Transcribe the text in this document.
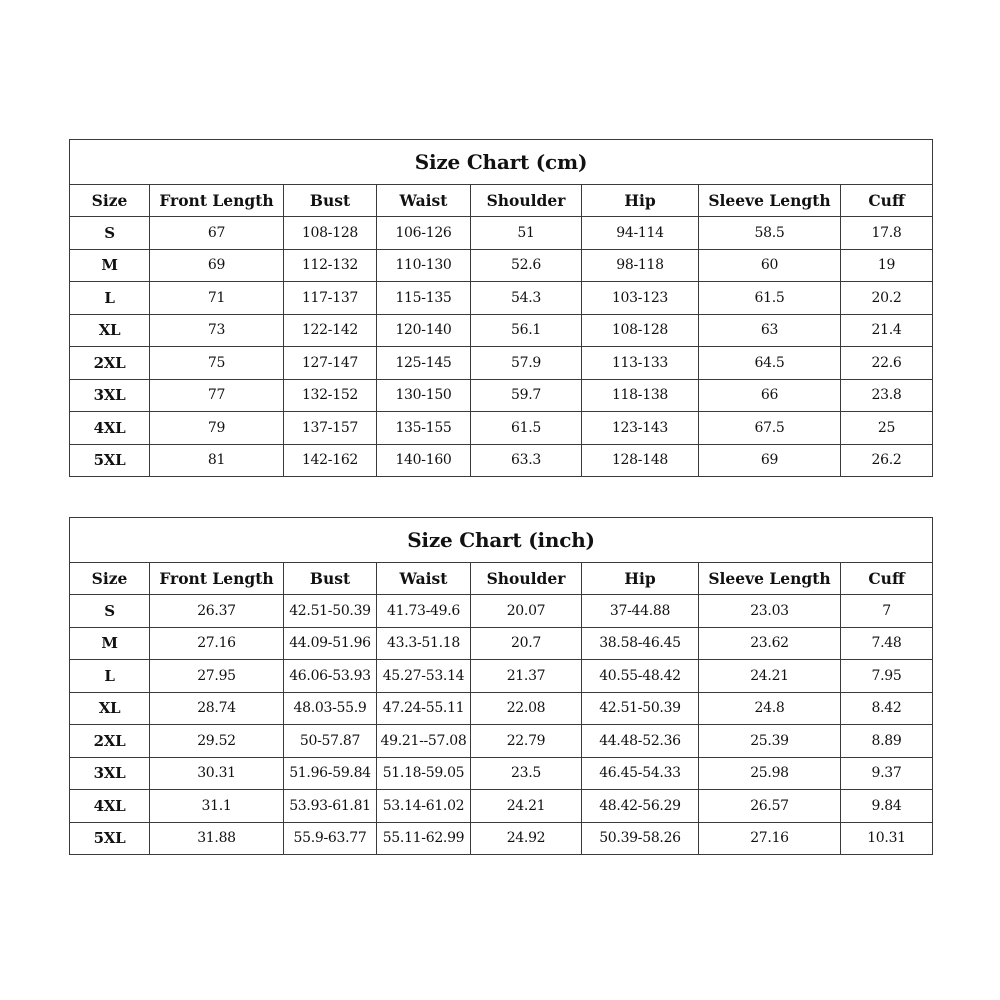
Size Chart (cm)							
Size	Front Length	Bust	Waist	Shoulder	Hip	Sleeve Length	Cuff
S	67	108-128	106-126	51	94-114	58.5	17.8
M	69	112-132	110-130	52.6	98-118	60	19
L	71	117-137	115-135	54.3	103-123	61.5	20.2
XL	73	122-142	120-140	56.1	108-128	63	21.4
2XL	75	127-147	125-145	57.9	113-133	64.5	22.6
3XL	77	132-152	130-150	59.7	118-138	66	23.8
4XL	79	137-157	135-155	61.5	123-143	67.5	25
5XL	81	142-162	140-160	63.3	128-148	69	26.2
Size Chart (inch)							
Size	Front Length	Bust	Waist	Shoulder	Hip	Sleeve Length	Cuff
S	26.37	42.51-50.39	41.73-49.6	20.07	37-44.88	23.03	7
M	27.16	44.09-51.96	43.3-51.18	20.7	38.58-46.45	23.62	7.48
L	27.95	46.06-53.93	45.27-53.14	21.37	40.55-48.42	24.21	7.95
XL	28.74	48.03-55.9	47.24-55.11	22.08	42.51-50.39	24.8	8.42
2XL	29.52	50-57.87	49.21--57.08	22.79	44.48-52.36	25.39	8.89
3XL	30.31	51.96-59.84	51.18-59.05	23.5	46.45-54.33	25.98	9.37
4XL	31.1	53.93-61.81	53.14-61.02	24.21	48.42-56.29	26.57	9.84
5XL	31.88	55.9-63.77	55.11-62.99	24.92	50.39-58.26	27.16	10.31
